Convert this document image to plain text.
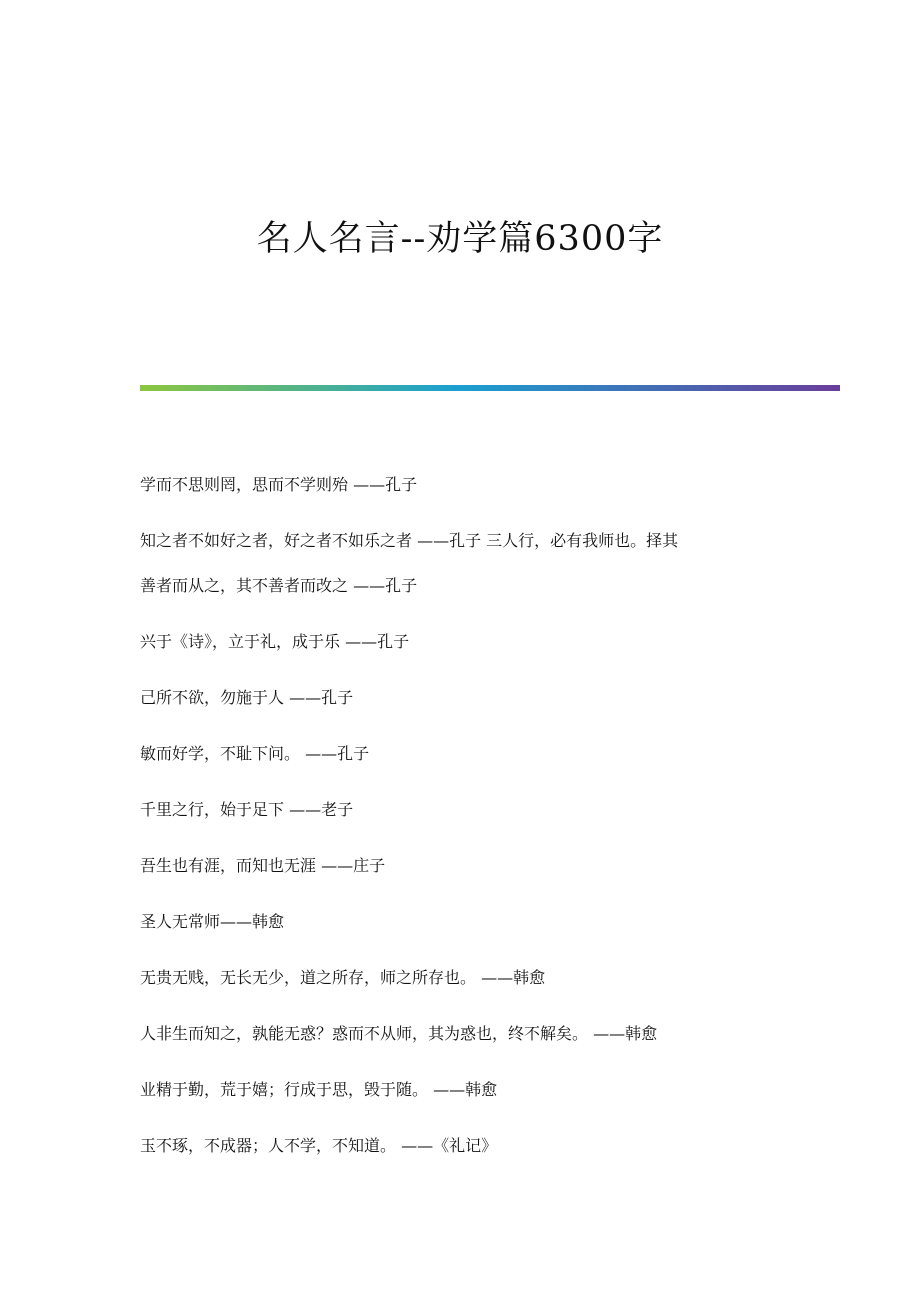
名人名言--劝学篇6300字
学而不思则罔，思而不学则殆 ——孔子
知之者不如好之者，好之者不如乐之者 ——孔子 三人行，必有我师也。择其
善者而从之，其不善者而改之 ——孔子
兴于《诗》，立于礼，成于乐 ——孔子
己所不欲，勿施于人 ——孔子
敏而好学，不耻下问。 ——孔子
千里之行，始于足下 ——老子
吾生也有涯，而知也无涯 ——庄子
圣人无常师——韩愈
无贵无贱，无长无少，道之所存，师之所存也。 ——韩愈
人非生而知之，孰能无惑？惑而不从师，其为惑也，终不解矣。 ——韩愈
业精于勤，荒于嬉；行成于思，毁于随。 ——韩愈
玉不琢，不成器；人不学，不知道。 ——《礼记》
